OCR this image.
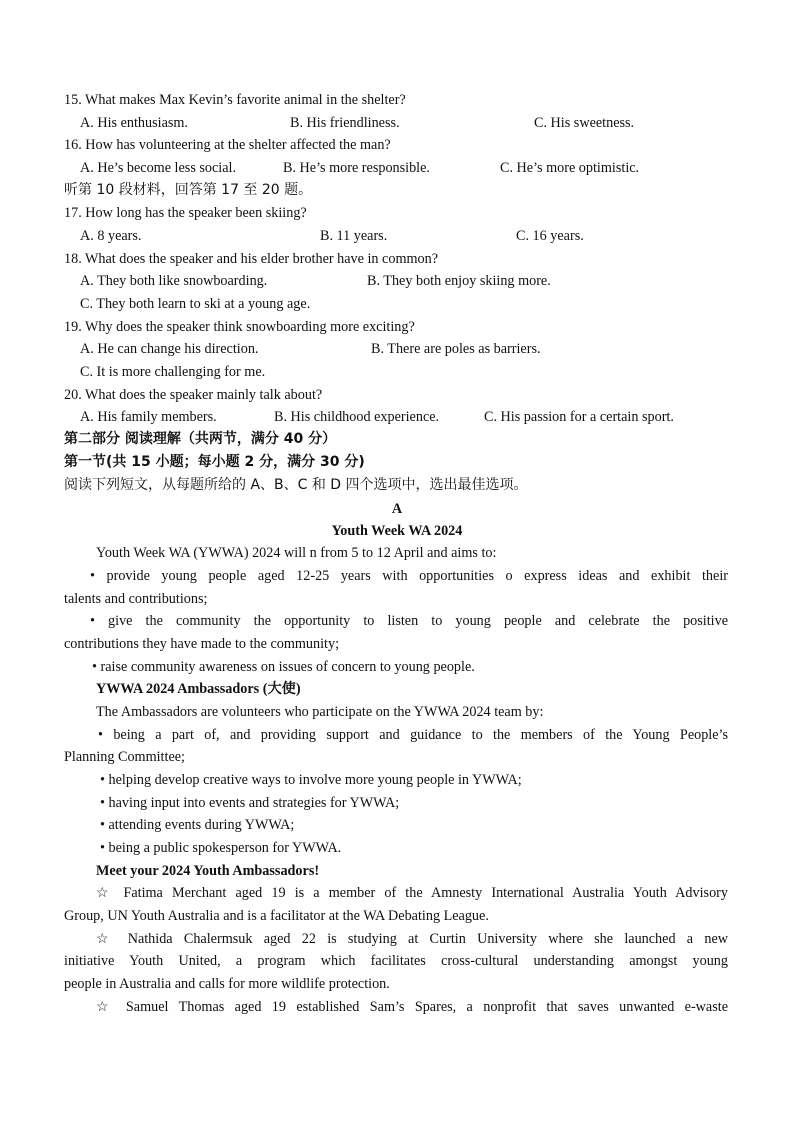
15. What makes Max Kevin’s favorite animal in the shelter?
A. His enthusiasm.	B. His friendliness.	C. His sweetness.
16. How has volunteering at the shelter affected the man?
A. He’s become less social.	B. He’s more responsible.	C. He’s more optimistic.
听第 10 段材料，回答第 17 至 20 题。
17. How long has the speaker been skiing?
A. 8 years.	B. 11 years.	C. 16 years.
18. What does the speaker and his elder brother have in common?
A. They both like snowboarding.	B. They both enjoy skiing more.
C. They both learn to ski at a young age.
19. Why does the speaker think snowboarding more exciting?
A. He can change his direction.	B. There are poles as barriers.
C. It is more challenging for me.
20. What does the speaker mainly talk about?
A. His family members.	B. His childhood experience.	C. His passion for a certain sport.
第二部分 阅读理解（共两节，满分 40 分）
第一节(共 15 小题；每小题 2 分，满分 30 分)
阅读下列短文，从每题所给的 A、B、C 和 D 四个选项中，选出最佳选项。
A
Youth Week WA 2024
Youth Week WA (YWWA) 2024 will n from 5 to 12 April and aims to:
• provide young people aged 12-25 years with opportunities o express ideas and exhibit their
talents and contributions;
• give the community the opportunity to listen to young people and celebrate the positive
contributions they have made to the community;
• raise community awareness on issues of concern to young people.
YWWA 2024 Ambassadors (大使)
The Ambassadors are volunteers who participate on the YWWA 2024 team by:
• being a part of, and providing support and guidance to the members of the Young People’s
Planning Committee;
• helping develop creative ways to involve more young people in YWWA;
• having input into events and strategies for YWWA;
• attending events during YWWA;
• being a public spokesperson for YWWA.
Meet your 2024 Youth Ambassadors!
☆ Fatima Merchant aged 19 is a member of the Amnesty International Australia Youth Advisory
Group, UN Youth Australia and is a facilitator at the WA Debating League.
☆ Nathida Chalermsuk aged 22 is studying at Curtin University where she launched a new
initiative Youth United, a program which facilitates cross-cultural understanding amongst young
people in Australia and calls for more wildlife protection.
☆ Samuel Thomas aged 19 established Sam’s Spares, a nonprofit that saves unwanted e-waste
